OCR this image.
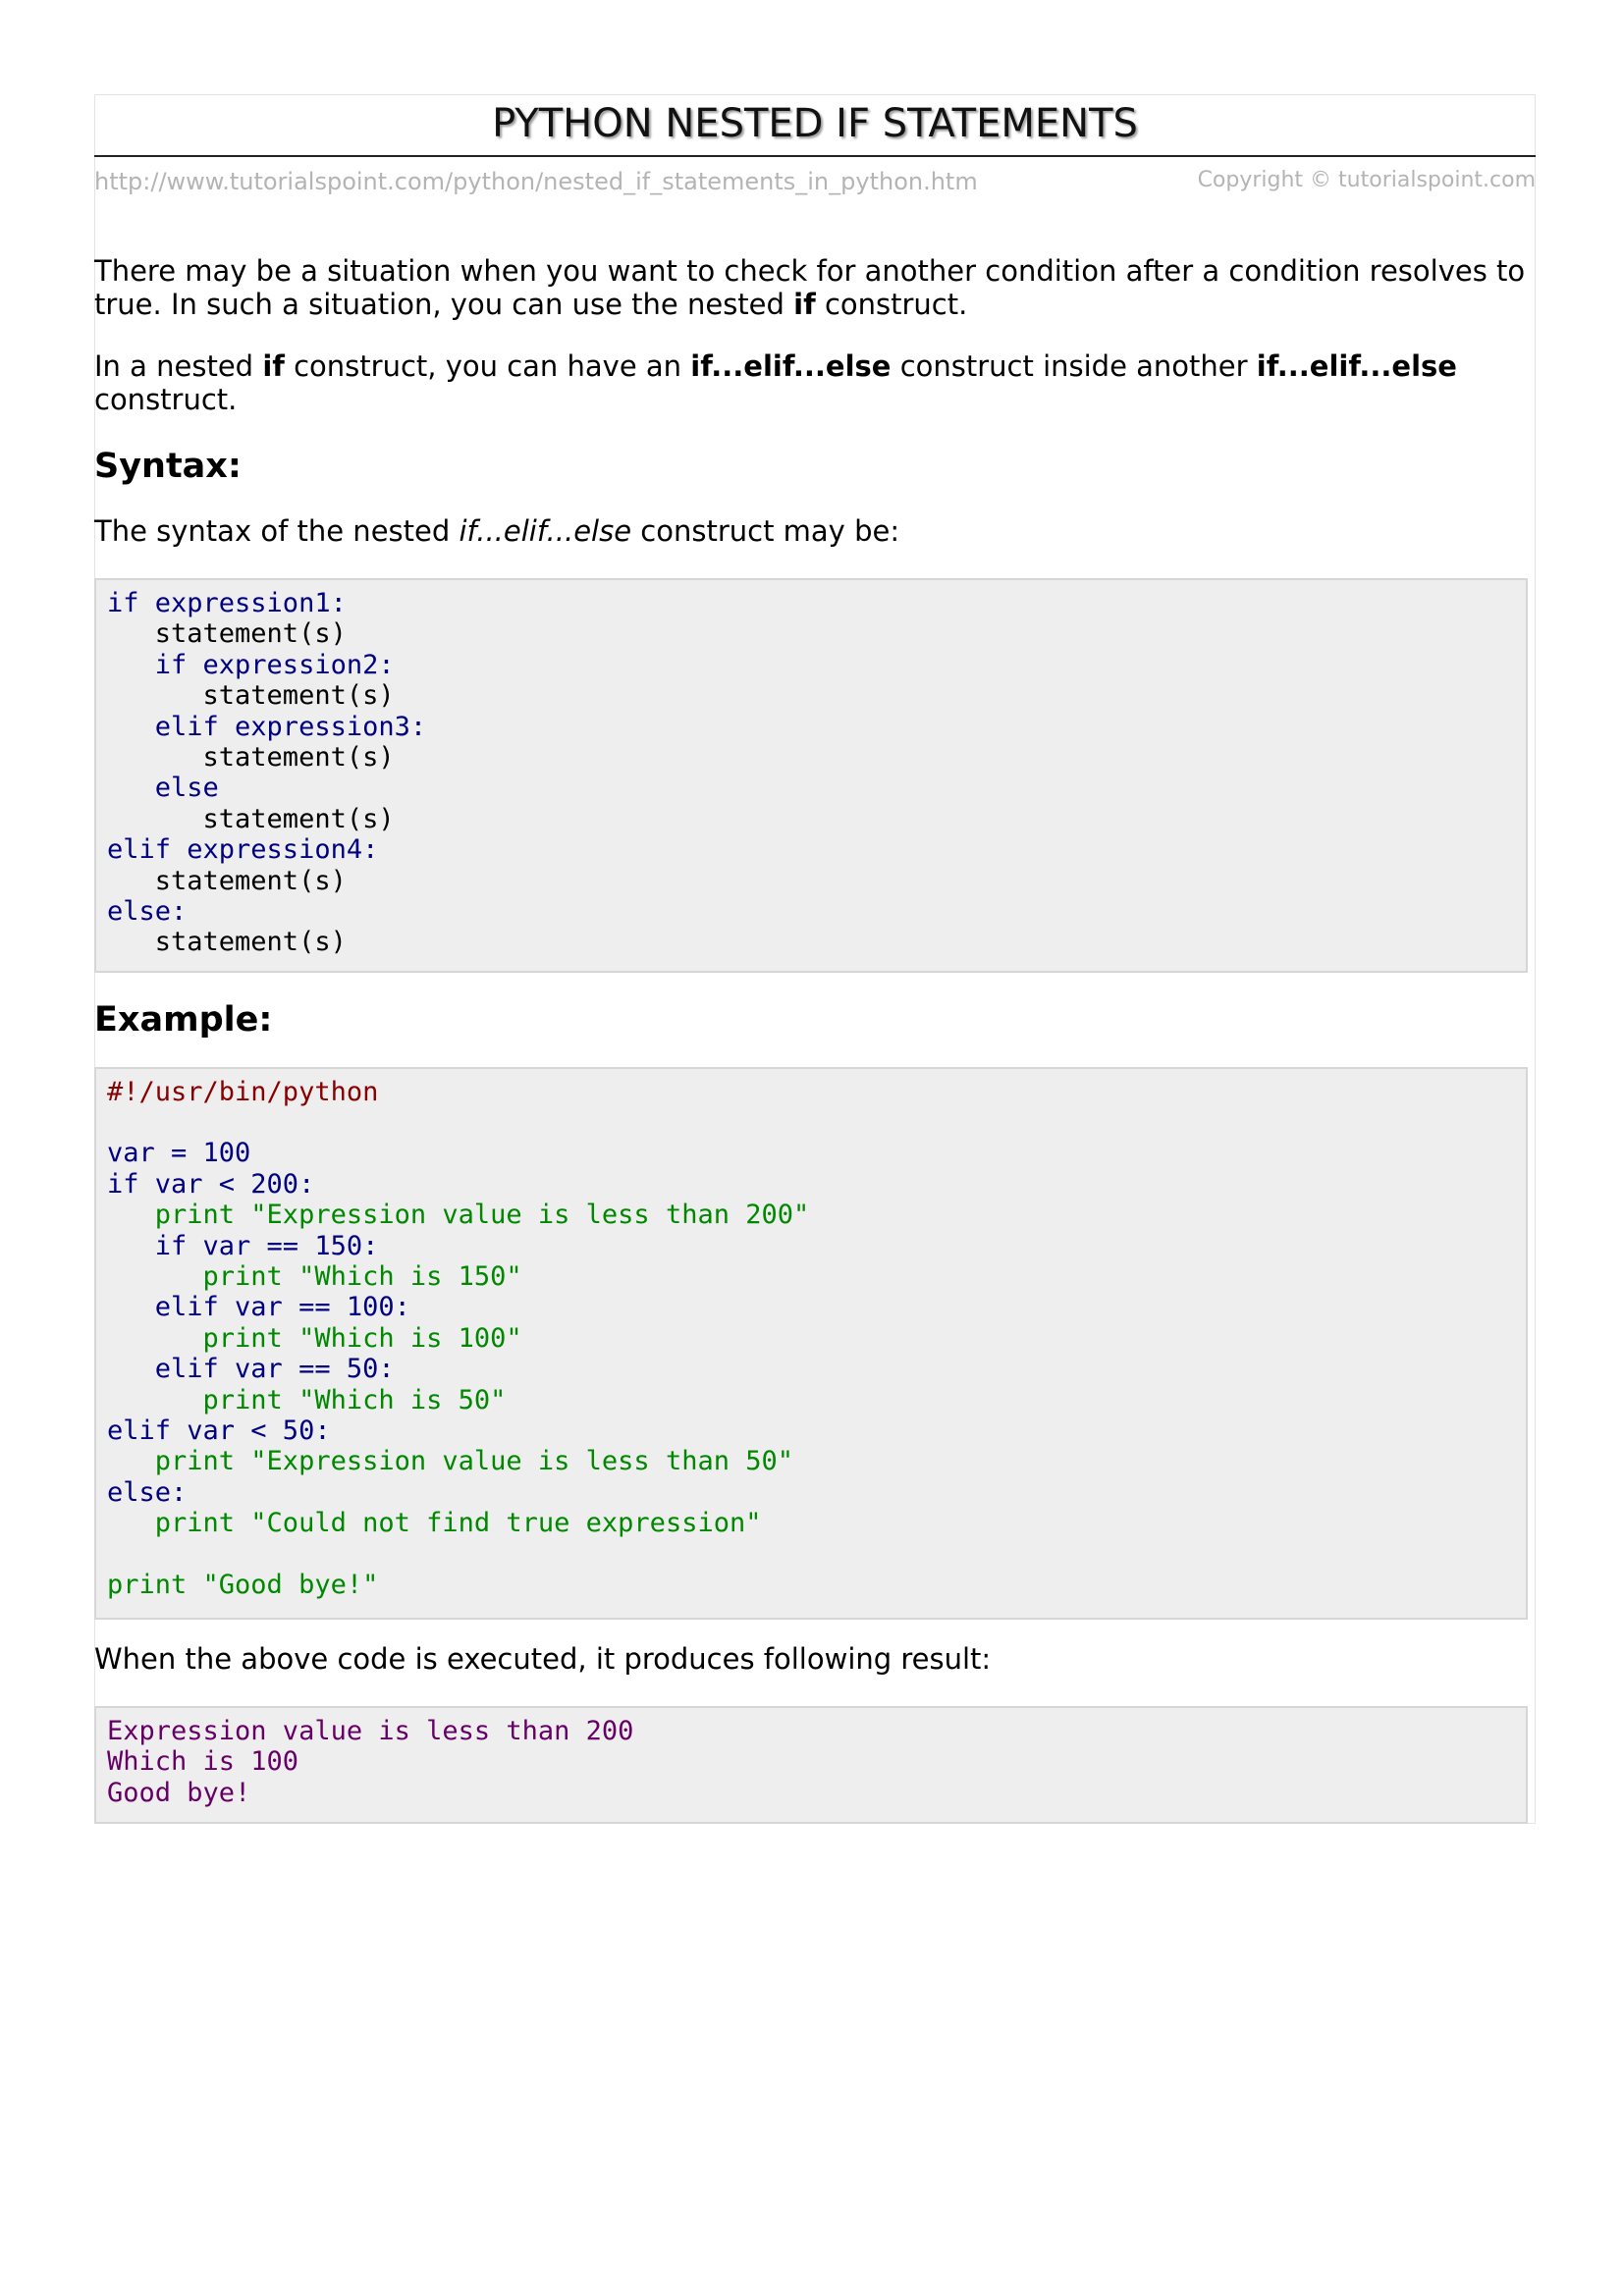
PYTHON NESTED IF STATEMENTS
http://www.tutorialspoint.com/python/nested_if_statements_in_python.htm	Copyright © tutorialspoint.com
There may be a situation when you want to check for another condition after a condition resolves to true. In such a situation, you can use the nested if construct.
In a nested if construct, you can have an if...elif...else construct inside another if...elif...else construct.
Syntax:
The syntax of the nested if...elif...else construct may be:
if expression1:
statement(s)
if expression2:
statement(s)
elif expression3:
statement(s)
else
statement(s)
elif expression4:
statement(s)
else:
statement(s)
Example:
#!/usr/bin/python
var = 100
if var < 200:
print "Expression value is less than 200"
if var == 150:
print "Which is 150"
elif var == 100:
print "Which is 100"
elif var == 50:
print "Which is 50"
elif var < 50:
print "Expression value is less than 50"
else:
print "Could not find true expression"
print "Good bye!"
When the above code is executed, it produces following result:
Expression value is less than 200
Which is 100
Good bye!
